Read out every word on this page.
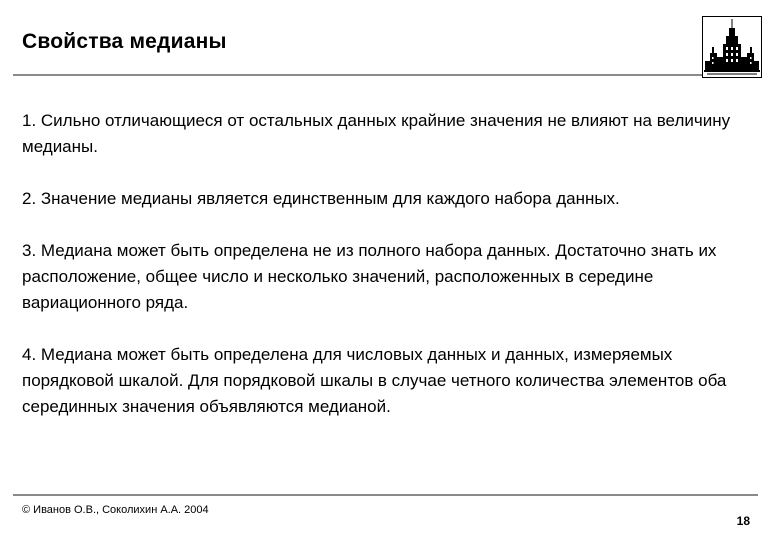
Свойства медианы

1. Сильно отличающиеся от остальных данных крайние значения не влияют на величину медианы.

2. Значение медианы является единственным для каждого набора данных.

3. Медиана может быть определена не из полного набора данных. Достаточно знать их расположение, общее число и несколько значений, расположенных в середине вариационного ряда.

4. Медиана может быть определена для числовых данных и данных, измеряемых порядковой шкалой. Для порядковой шкалы в случае четного количества элементов оба серединных значения объявляются медианой.

© Иванов О.В., Соколихин А.А. 2004
18
